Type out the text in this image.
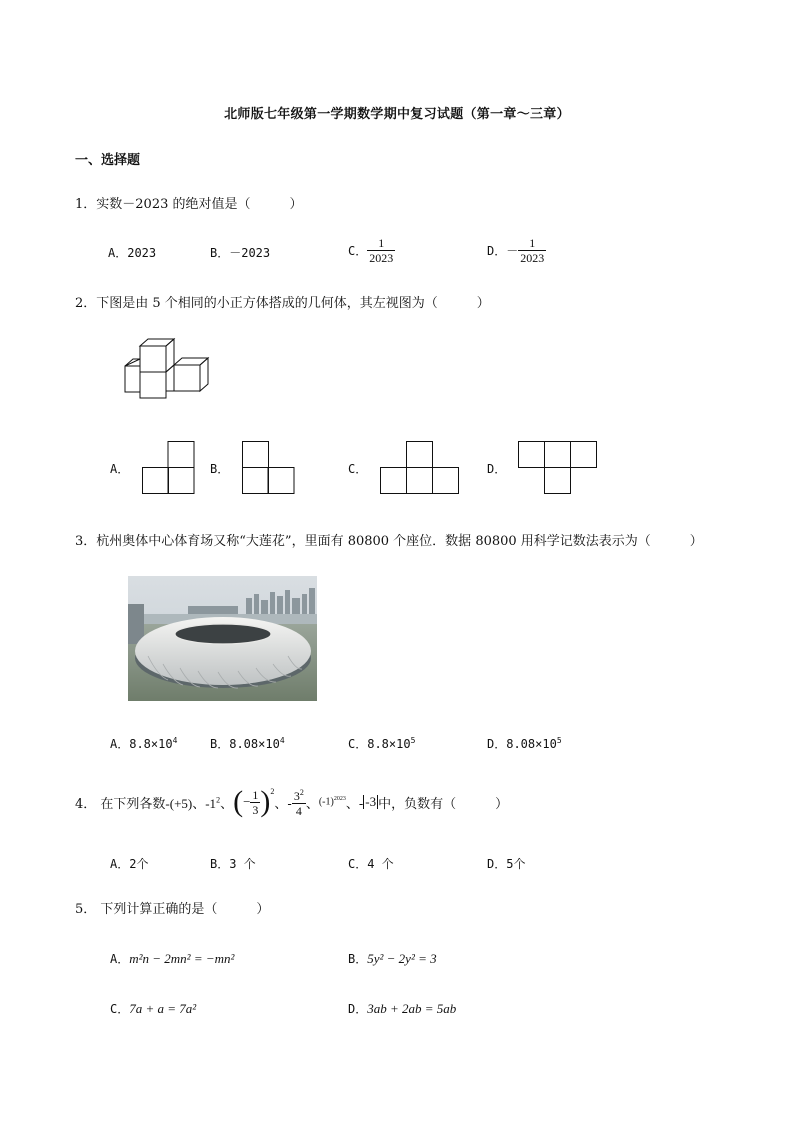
北师版七年级第一学期数学期中复习试题（第一章～三章）
一、选择题
1．实数－2023 的绝对值是（　　　）
A．2023	B．－2023	C． $\frac{1}{2023}$	D．－ $\frac{1}{2023}$
2．下图是由 5 个相同的小正方体搭成的几何体，其左视图为（　　　）
A．	B．	C．	D．
3．杭州奥体中心体育场又称“大莲花”，里面有 80800 个座位．数据 80800 用科学记数法表示为（　　　）
A．$8.8\times 10^4$	B．$8.08\times 10^4$	C．$8.8\times 10^5$	D．$8.08\times 10^5$
4． 在下列各数 -(+5)、$-1^2$ 、 ( − $\frac{1}{3} )^2$
、- $\frac{3^2}{4}$ 、 $(-1)^{2023}$ 、- -3 中，负数有（　　　）
A．2个	B．3 个	C．4 个	D．5个
5． 下列计算正确的是（　　　）
A．m²n − 2mn² = −mn²	B．5y² − 2y² = 3
C．7a + a = 7a²	D．3ab + 2ab = 5ab
